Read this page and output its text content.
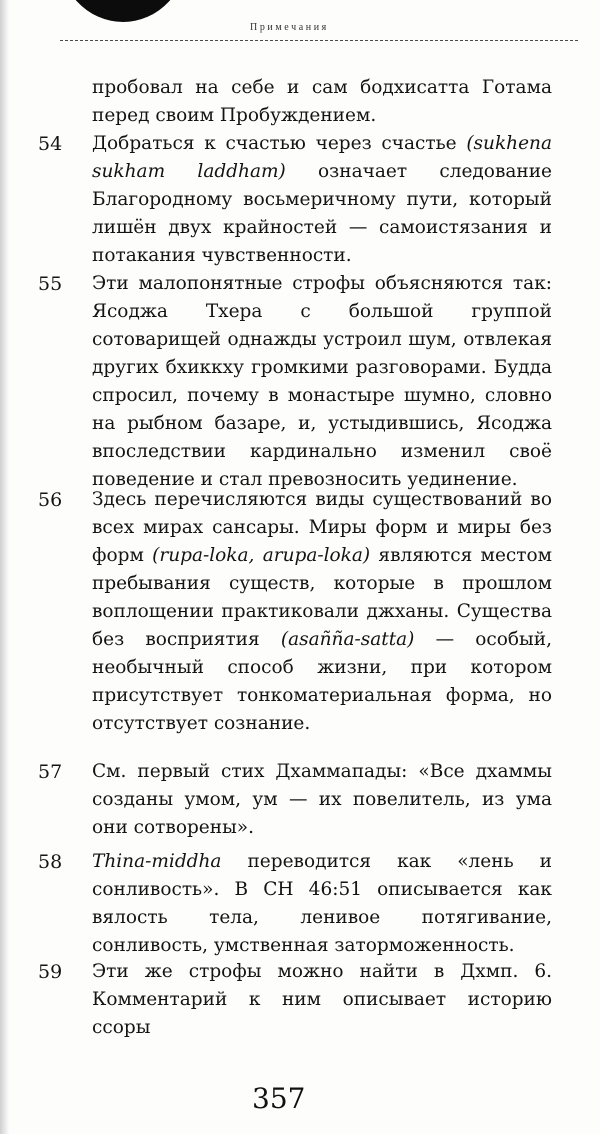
Примечания
пробовал на себе и сам бодхисатта Готама перед своим Пробуждением.
54	Добраться к счастью через счастье (sukhena sukham laddham) означает следование Благородному восьмеричному пути, который лишён двух крайностей — самоистязания и потакания чувственности.
55	Эти малопонятные строфы объясняются так: Ясоджа Тхера с большой группой сотоварищей однажды устроил шум, отвлекая других бхиккху громкими разговорами. Будда спросил, почему в монастыре шумно, словно на рыбном базаре, и, устыдившись, Ясоджа впоследствии кардинально изменил своё поведение и стал превозносить уединение.
56	Здесь перечисляются виды существований во всех мирах сансары. Миры форм и миры без форм (rupa-loka, arupa-loka) являются местом пребывания существ, которые в прошлом воплощении практиковали джханы. Существа без восприятия (asañña-satta) — особый, необычный способ жизни, при котором присутствует тонкоматериальная форма, но отсутствует сознание.
57	См. первый стих Дхаммапады: «Все дхаммы созданы умом, ум — их повелитель, из ума они сотворены».
58	Thina-middha переводится как «лень и сонливость». В СН 46:51 описывается как вялость тела, ленивое потягивание, сонливость, умственная заторможенность.
59	Эти же строфы можно найти в Дхмп. 6. Комментарий к ним описывает историю ссоры
357
